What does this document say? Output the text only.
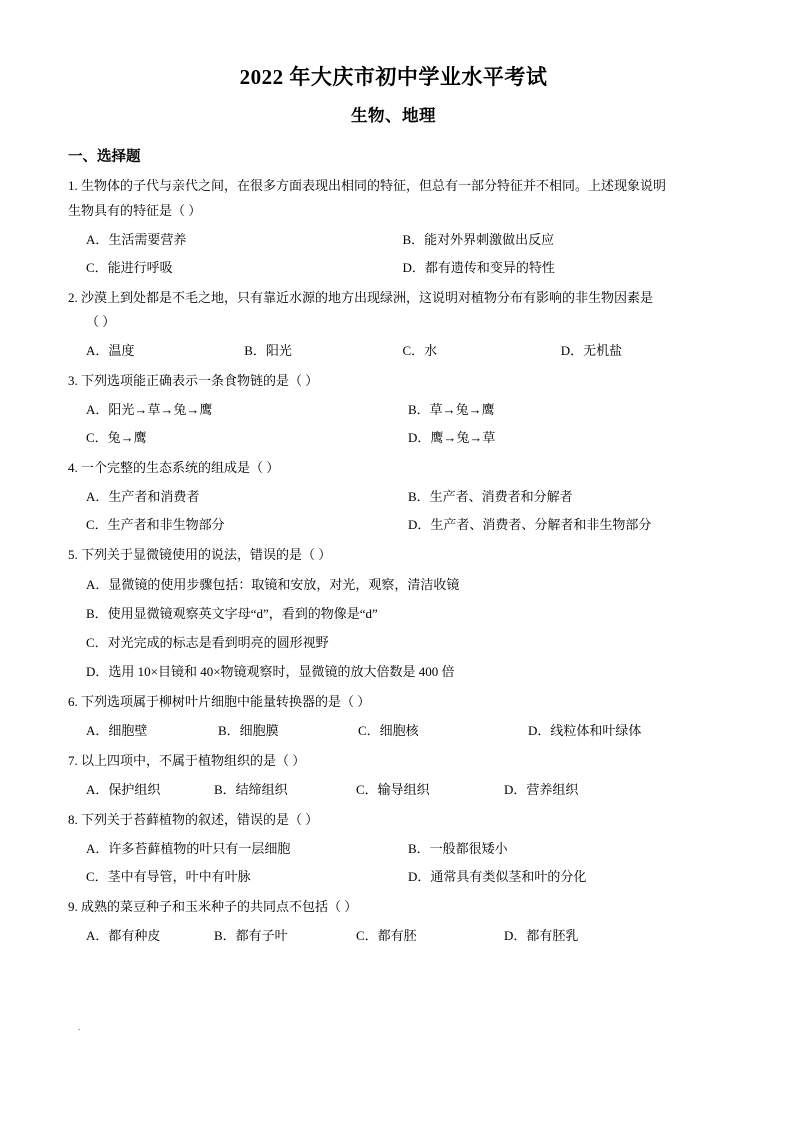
2022 年大庆市初中学业水平考试
生物、地理
一、选择题
1. 生物体的子代与亲代之间，在很多方面表现出相同的特征，但总有一部分特征并不相同。上述现象说明
生物具有的特征是（ ）
A．生活需要营养	B．能对外界刺激做出反应
C．能进行呼吸	D．都有遗传和变异的特性
2. 沙漠上到处都是不毛之地，只有靠近水源的地方出现绿洲，这说明对植物分布有影响的非生物因素是
（ ）
A．温度	B．阳光	C．水	D．无机盐
3. 下列选项能正确表示一条食物链的是（ ）
A．阳光→草→兔→鹰	B．草→兔→鹰
C．兔→鹰	D．鹰→兔→草
4. 一个完整的生态系统的组成是（ ）
A．生产者和消费者	B．生产者、消费者和分解者
C．生产者和非生物部分	D．生产者、消费者、分解者和非生物部分
5. 下列关于显微镜使用的说法，错误的是（ ）
A．显微镜的使用步骤包括：取镜和安放，对光，观察，清洁收镜
B．使用显微镜观察英文字母“d”，看到的物像是“d”
C．对光完成的标志是看到明亮的圆形视野
D．选用 10×目镜和 40×物镜观察时，显微镜的放大倍数是 400 倍
6. 下列选项属于柳树叶片细胞中能量转换器的是（ ）
A．细胞壁	B．细胞膜	C．细胞核	D．线粒体和叶绿体
7. 以上四项中，不属于植物组织的是（ ）
A．保护组织	B．结缔组织	C．输导组织	D．营养组织
8. 下列关于苔藓植物的叙述，错误的是（ ）
A．许多苔藓植物的叶只有一层细胞	B．一般都很矮小
C．茎中有导管，叶中有叶脉	D．通常具有类似茎和叶的分化
9. 成熟的菜豆种子和玉米种子的共同点不包括（ ）
A．都有种皮	B．都有子叶	C．都有胚	D．都有胚乳
.
